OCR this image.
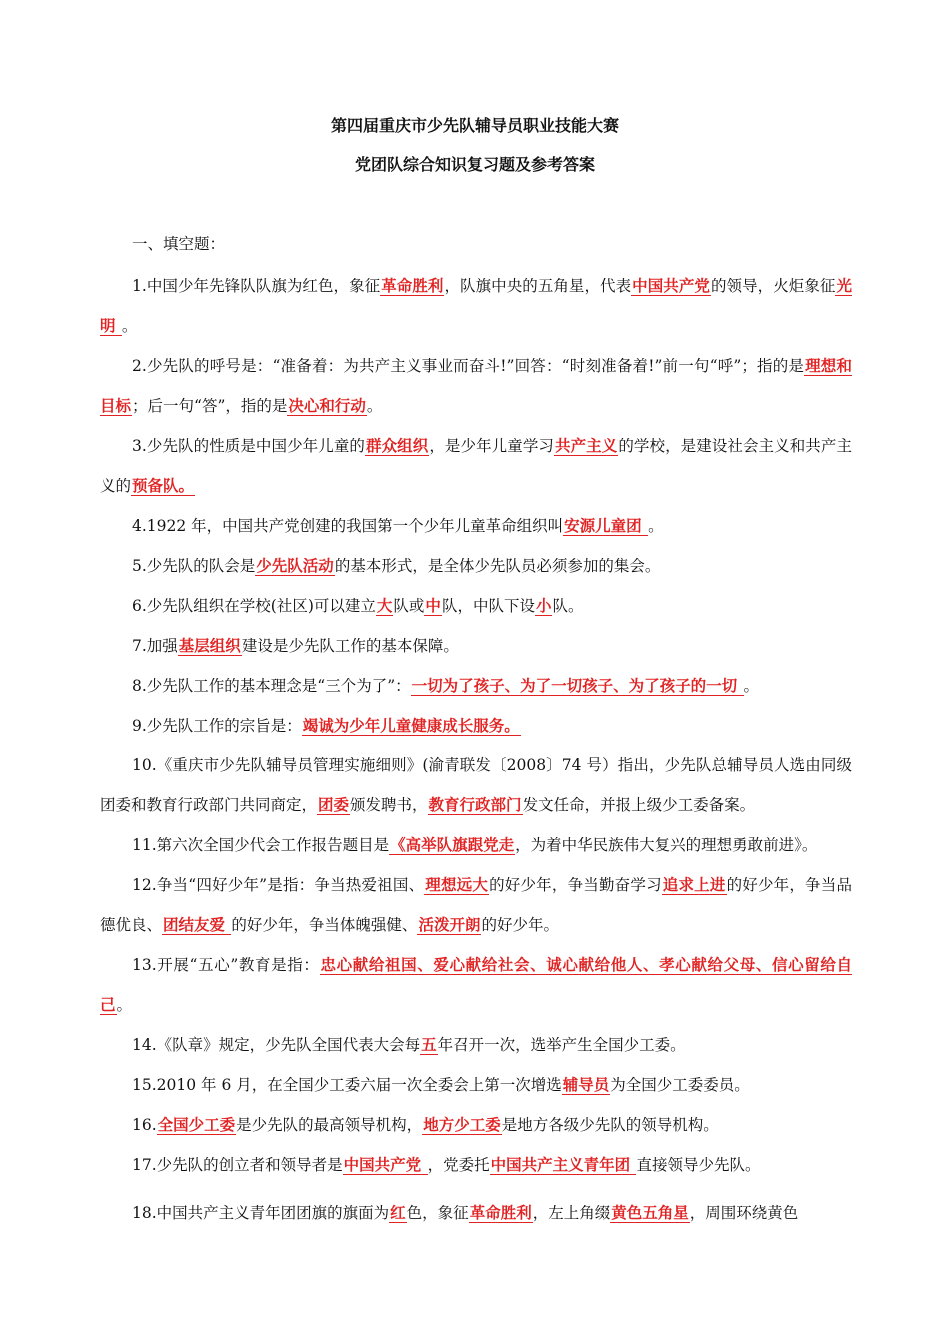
第四届重庆市少先队辅导员职业技能大赛
党团队综合知识复习题及参考答案
一、填空题：

1.中国少年先锋队队旗为红色，象征革命胜利，队旗中央的五角星，代表中国共产党的领导，火炬象征光明 。

2.少先队的呼号是：“准备着：为共产主义事业而奋斗!”回答：“时刻准备着!”前一句“呼”；指的是理想和目标；后一句“答”，指的是决心和行动。

3.少先队的性质是中国少年儿童的群众组织，是少年儿童学习共产主义的学校，是建设社会主义和共产主义的预备队。

4.1922 年，中国共产党创建的我国第一个少年儿童革命组织叫安源儿童团 。

5.少先队的队会是少先队活动的基本形式，是全体少先队员必须参加的集会。

6.少先队组织在学校(社区)可以建立大队或中队，中队下设小队。

7.加强基层组织建设是少先队工作的基本保障。

8.少先队工作的基本理念是“三个为了”：一切为了孩子、为了一切孩子、为了孩子的一切 。

9.少先队工作的宗旨是：竭诚为少年儿童健康成长服务。

10.《重庆市少先队辅导员管理实施细则》(渝青联发〔2008〕74 号）指出，少先队总辅导员人选由同级团委和教育行政部门共同商定，团委颁发聘书，教育行政部门发文任命，并报上级少工委备案。

11.第六次全国少代会工作报告题目是《高举队旗跟党走，为着中华民族伟大复兴的理想勇敢前进》。

12.争当“四好少年”是指：争当热爱祖国、理想远大的好少年，争当勤奋学习追求上进的好少年，争当品德优良、团结友爱 的好少年，争当体魄强健、活泼开朗的好少年。

13.开展“五心”教育是指：忠心献给祖国、爱心献给社会、诚心献给他人、孝心献给父母、信心留给自己。

14.《队章》规定，少先队全国代表大会每五年召开一次，选举产生全国少工委。

15.2010 年 6 月，在全国少工委六届一次全委会上第一次增选辅导员为全国少工委委员。

16.全国少工委是少先队的最高领导机构，地方少工委是地方各级少先队的领导机构。

17.少先队的创立者和领导者是中国共产党 ，党委托中国共产主义青年团 直接领导少先队。

18.中国共产主义青年团团旗的旗面为红色，象征革命胜利，左上角缀黄色五角星，周围环绕黄色
